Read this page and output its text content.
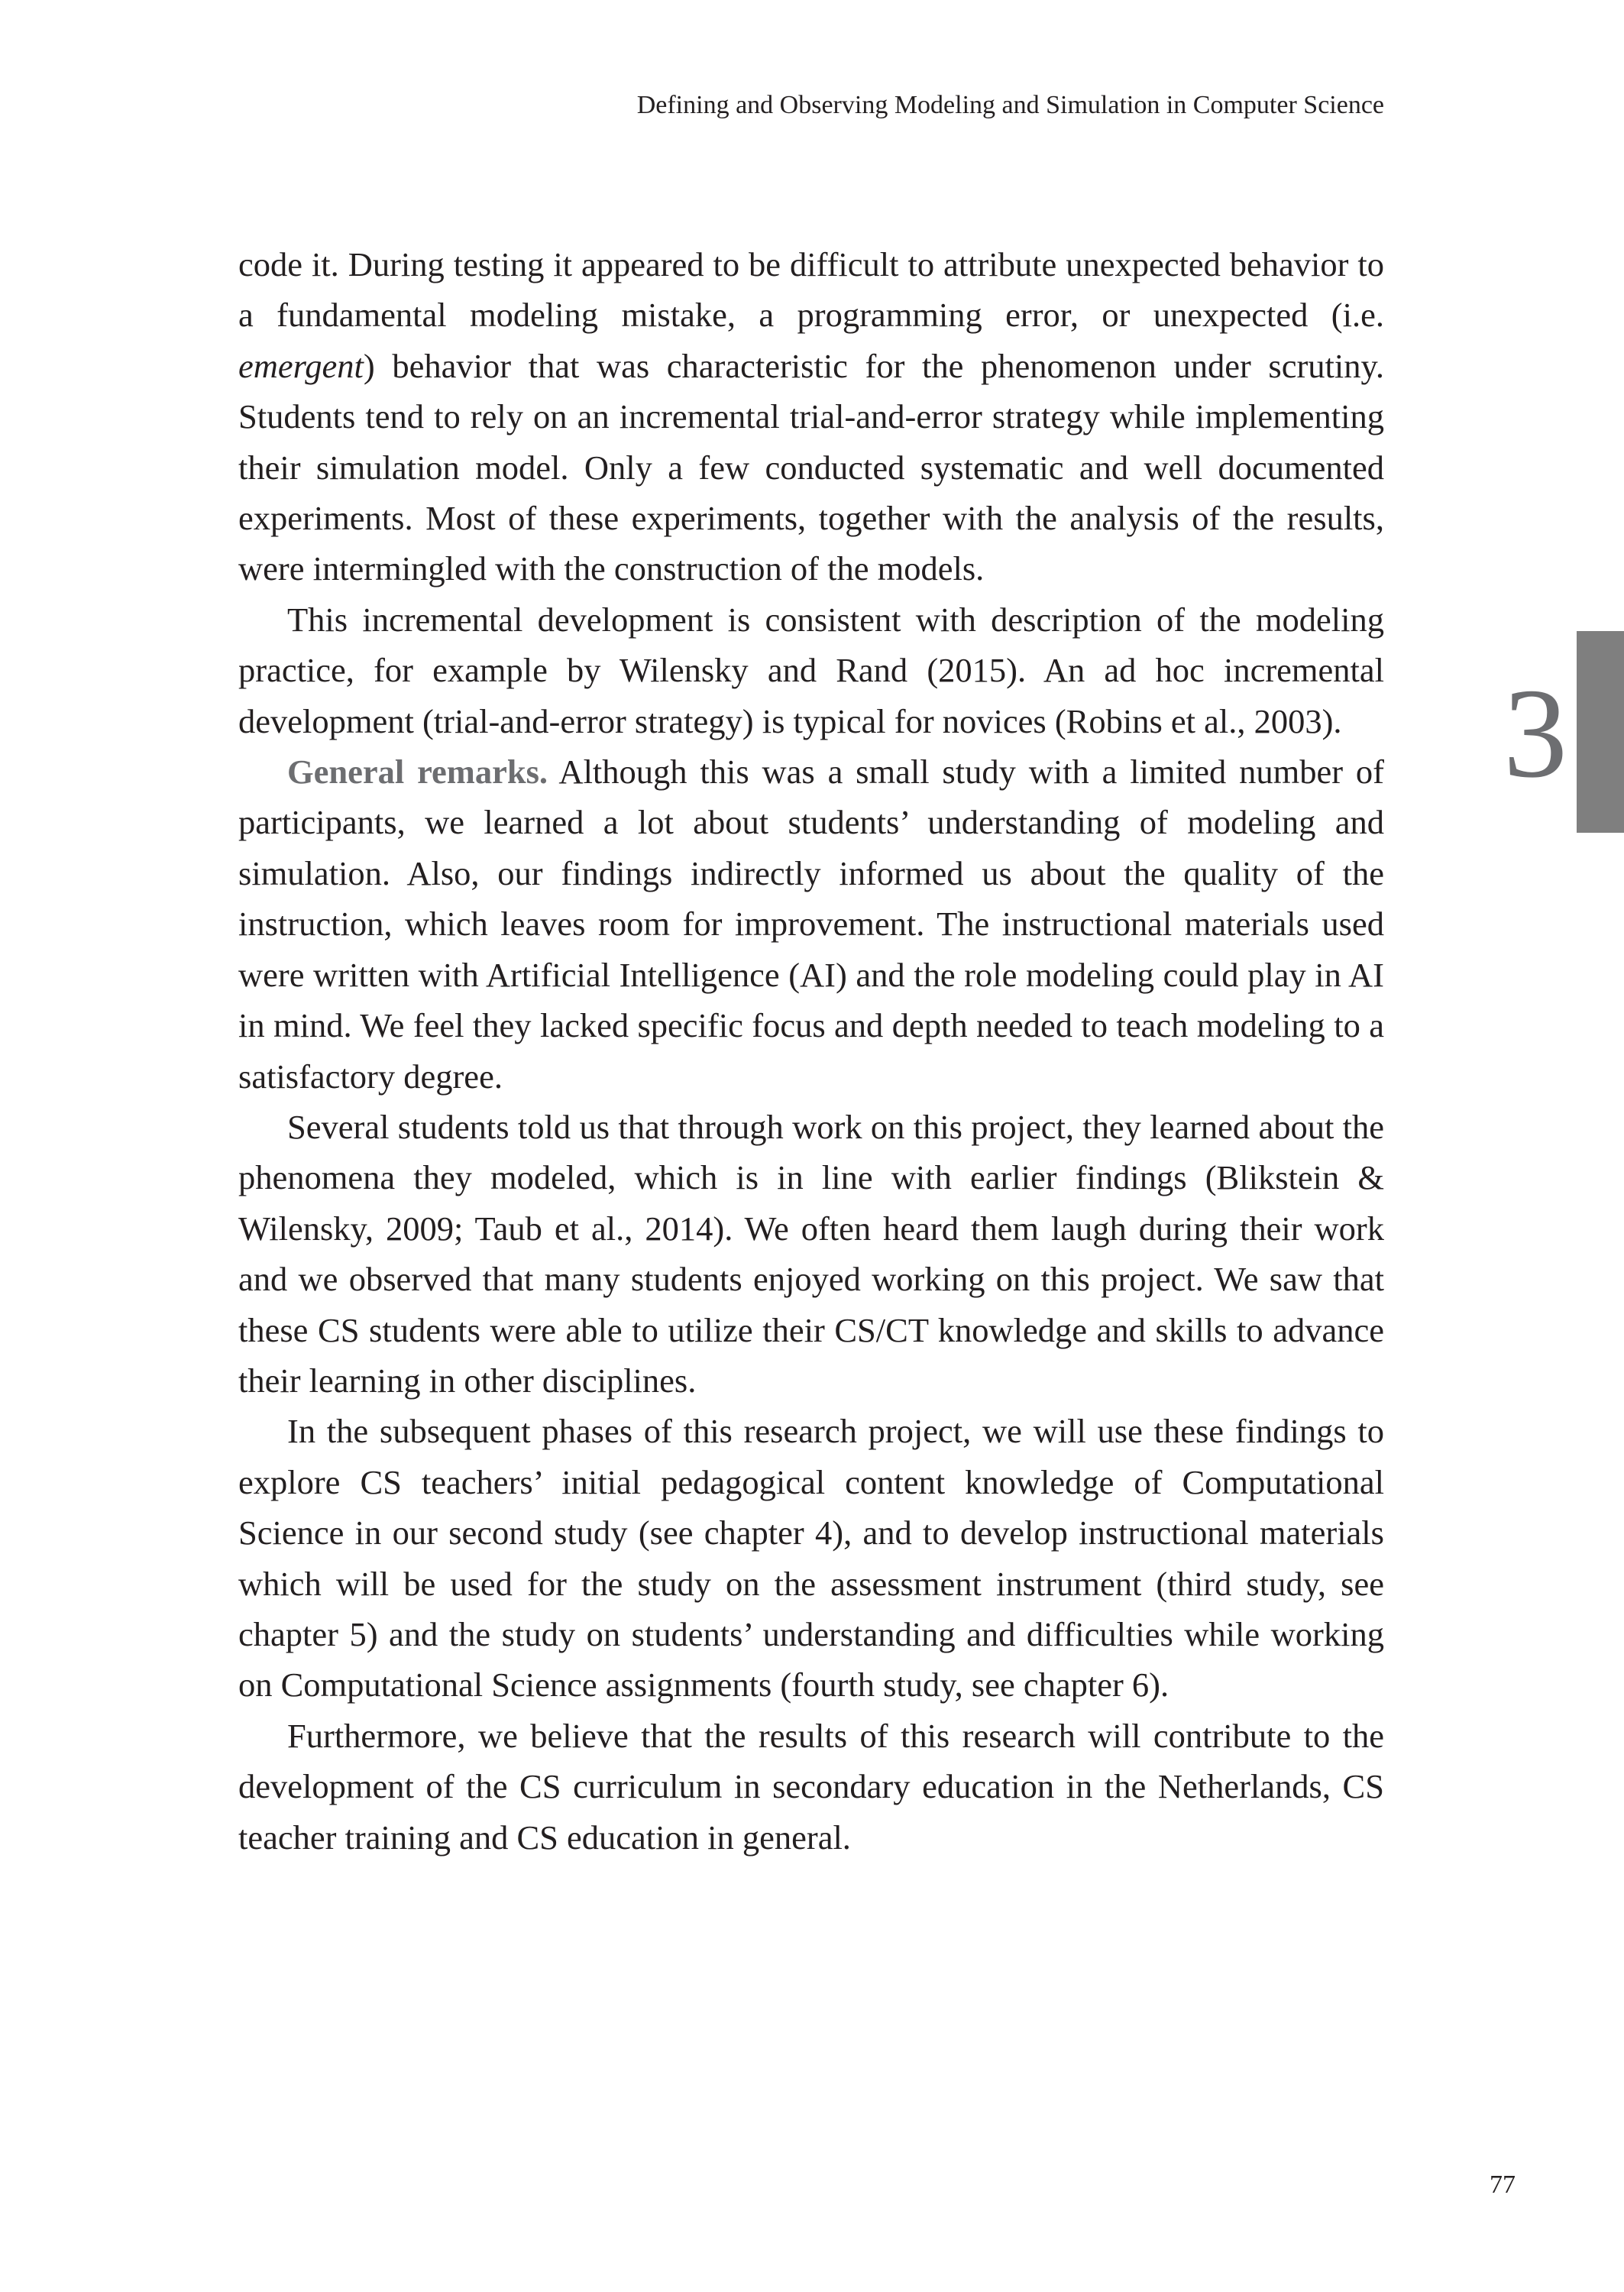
Defining and Observing Modeling and Simulation in Computer Science
3

code it. During testing it appeared to be difficult to attribute unexpected behavior to a fundamental modeling mistake, a programming error, or unexpected (i.e. emergent) behavior that was characteristic for the phenomenon under scrutiny. Students tend to rely on an incremental trial-and-error strategy while implementing their simulation model. Only a few conducted systematic and well documented experiments. Most of these experiments, together with the analysis of the results, were intermingled with the construction of the models.

This incremental development is consistent with description of the modeling practice, for example by Wilensky and Rand (2015). An ad hoc incremental development (trial-and-error strategy) is typical for novices (Robins et al., 2003).

General remarks. Although this was a small study with a limited number of participants, we learned a lot about students’ understanding of modeling and simulation. Also, our findings indirectly informed us about the quality of the instruction, which leaves room for improvement. The instructional materials used were written with Artificial Intelligence (AI) and the role modeling could play in AI in mind. We feel they lacked specific focus and depth needed to teach modeling to a satisfactory degree.

Several students told us that through work on this project, they learned about the phenomena they modeled, which is in line with earlier findings (Blikstein & Wilensky, 2009; Taub et al., 2014). We often heard them laugh during their work and we observed that many students enjoyed working on this project. We saw that these CS students were able to utilize their CS/CT knowledge and skills to advance their learning in other disciplines.

In the subsequent phases of this research project, we will use these findings to explore CS teachers’ initial pedagogical content knowledge of Computational Science in our second study (see chapter 4), and to develop instructional materials which will be used for the study on the assessment instrument (third study, see chapter 5) and the study on students’ understanding and difficulties while working on Computational Science assignments (fourth study, see chapter 6).

Furthermore, we believe that the results of this research will contribute to the development of the CS curriculum in secondary education in the Netherlands, CS teacher training and CS education in general.

77
